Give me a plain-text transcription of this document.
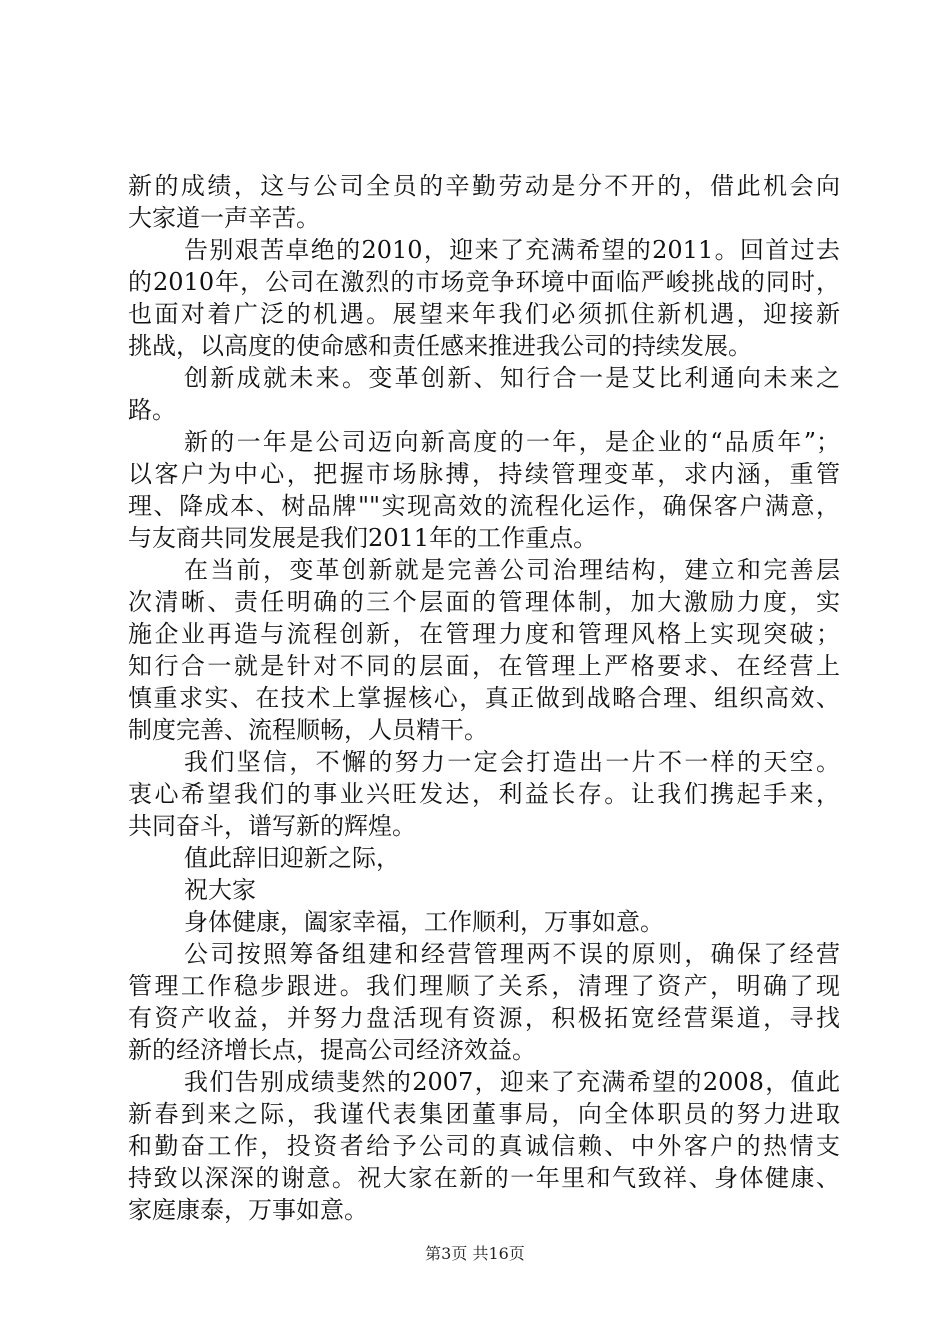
新的成绩，这与公司全员的辛勤劳动是分不开的，借此机会向
大家道一声辛苦。
告别艰苦卓绝的2010，迎来了充满希望的2011。回首过去
的2010年，公司在激烈的市场竞争环境中面临严峻挑战的同时，
也面对着广泛的机遇。展望来年我们必须抓住新机遇，迎接新
挑战，以高度的使命感和责任感来推进我公司的持续发展。
创新成就未来。变革创新、知行合一是艾比利通向未来之
路。
新的一年是公司迈向新高度的一年，是企业的“品质年”；
以客户为中心，把握市场脉搏，持续管理变革，求内涵，重管
理、降成本、树品牌""实现高效的流程化运作，确保客户满意，
与友商共同发展是我们2011年的工作重点。
在当前，变革创新就是完善公司治理结构，建立和完善层
次清晰、责任明确的三个层面的管理体制，加大激励力度，实
施企业再造与流程创新，在管理力度和管理风格上实现突破；
知行合一就是针对不同的层面，在管理上严格要求、在经营上
慎重求实、在技术上掌握核心，真正做到战略合理、组织高效、
制度完善、流程顺畅，人员精干。
我们坚信，不懈的努力一定会打造出一片不一样的天空。
衷心希望我们的事业兴旺发达，利益长存。让我们携起手来，
共同奋斗，谱写新的辉煌。
值此辞旧迎新之际，
祝大家
身体健康，阖家幸福，工作顺利，万事如意。
公司按照筹备组建和经营管理两不误的原则，确保了经营
管理工作稳步跟进。我们理顺了关系，清理了资产，明确了现
有资产收益，并努力盘活现有资源，积极拓宽经营渠道，寻找
新的经济增长点，提高公司经济效益。
我们告别成绩斐然的2007，迎来了充满希望的2008，值此
新春到来之际，我谨代表集团董事局，向全体职员的努力进取
和勤奋工作，投资者给予公司的真诚信赖、中外客户的热情支
持致以深深的谢意。祝大家在新的一年里和气致祥、身体健康、
家庭康泰，万事如意。
第3页 共16页
